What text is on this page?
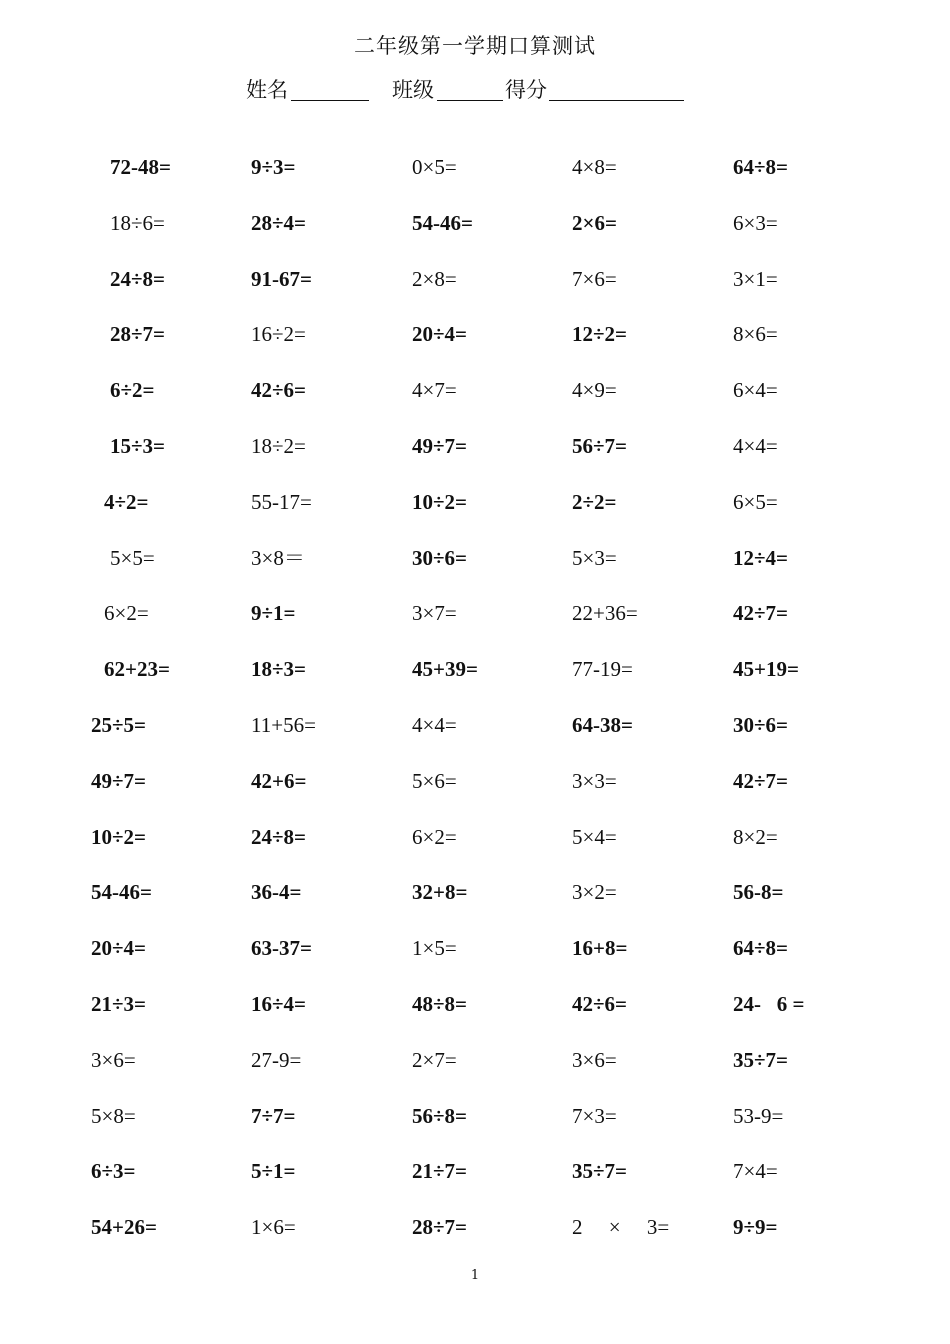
二年级第一学期口算测试
姓名	班级	得分
72-48=	9÷3=	0×5=	4×8=	64÷8=
18÷6=	28÷4=	54-46=	2×6=	6×3=
24÷8=	91-67=	2×8=	7×6=	3×1=
28÷7=	16÷2=	20÷4=	12÷2=	8×6=
6÷2=	42÷6=	4×7=	4×9=	6×4=
15÷3=	18÷2=	49÷7=	56÷7=	4×4=
4÷2=	55-17=	10÷2=	2÷2=	6×5=
5×5=	3×8＝	30÷6=	5×3=	12÷4=
6×2=	9÷1=	3×7=	22+36=	42÷7=
62+23=	18÷3=	45+39=	77-19=	45+19=
25÷5=	11+56=	4×4=	64-38=	30÷6=
49÷7=	42+6=	5×6=	3×3=	42÷7=
10÷2=	24÷8=	6×2=	5×4=	8×2=
54-46=	36-4=	32+8=	3×2=	56-8=
20÷4=	63-37=	1×5=	16+8=	64÷8=
21÷3=	16÷4=	48÷8=	42÷6=	24-   6 =
3×6=	27-9=	2×7=	3×6=	35÷7=
5×8=	7÷7=	56÷8=	7×3=	53-9=
6÷3=	5÷1=	21÷7=	35÷7=	7×4=
54+26=	1×6=	28÷7=	2     ×     3=	9÷9=
1
